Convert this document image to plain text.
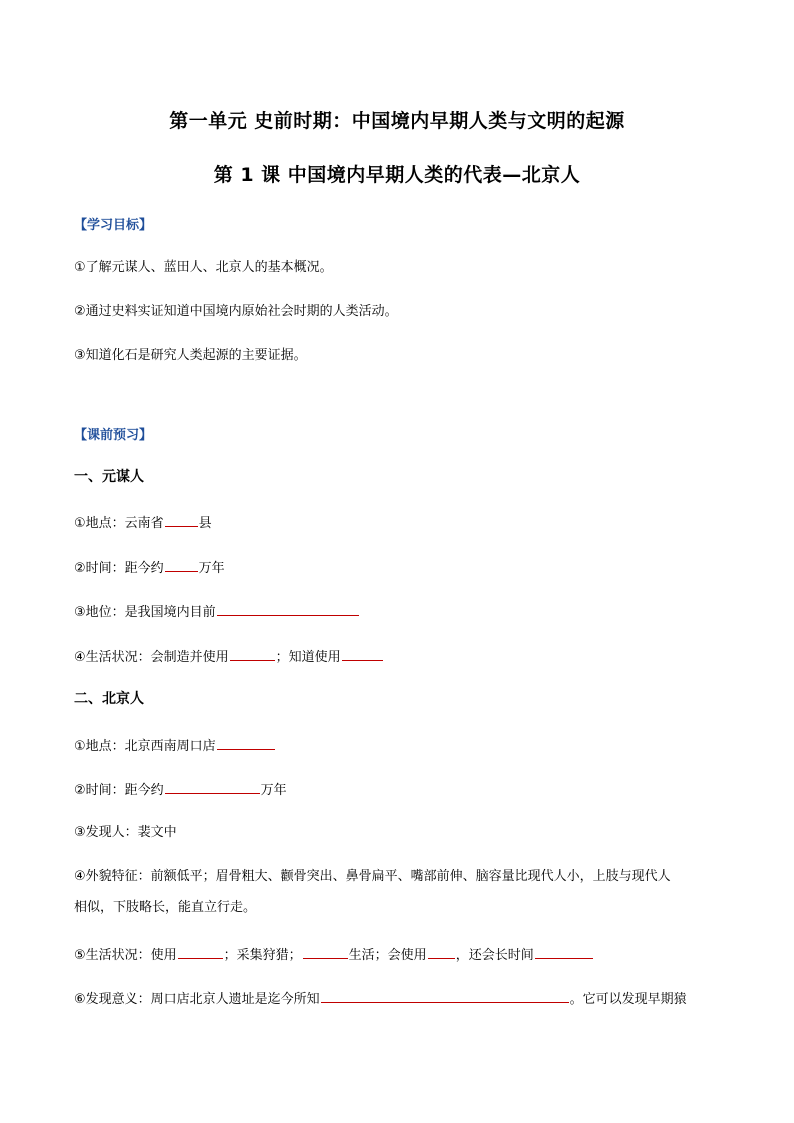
第一单元 史前时期：中国境内早期人类与文明的起源
第 1 课 中国境内早期人类的代表—北京人
【学习目标】
①了解元谋人、蓝田人、北京人的基本概况。
②通过史料实证知道中国境内原始社会时期的人类活动。
③知道化石是研究人类起源的主要证据。
【课前预习】
一、元谋人
①地点：云南省	县
②时间：距今约	万年
③地位：是我国境内目前
④生活状况：会制造并使用	；知道使用
二、北京人
①地点：北京西南周口店
②时间：距今约	万年
③发现人：裴文中
④外貌特征：前额低平；眉骨粗大、颧骨突出、鼻骨扁平、嘴部前伸、脑容量比现代人小，上肢与现代人
相似，下肢略长，能直立行走。
⑤生活状况：使用	；采集狩猎；	生活；会使用 ，还会长时间
⑥发现意义：周口店北京人遗址是迄今所知	。它可以发现早期猿
